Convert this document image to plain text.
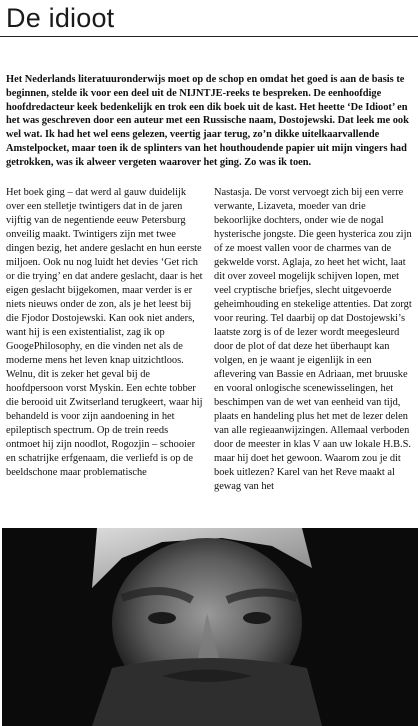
De idioot
Het Nederlands literatuuronderwijs moet op de schop en omdat het goed is aan de basis te beginnen, stelde ik voor een deel uit de NIJNTJE-reeks te bespreken. De eenhoofdige hoofdredacteur keek bedenkelijk en trok een dik boek uit de kast. Het heette ‘De Idioot’ en het was geschreven door een auteur met een Russische naam, Dostojewski. Dat leek me ook wel wat. Ik had het wel eens gelezen, veertig jaar terug, zo’n dikke uitelkaarvallende Amstelpocket, maar toen ik de splinters van het houthoudende papier uit mijn vingers had getrokken, was ik alweer vergeten waarover het ging. Zo was ik toen.

Het boek ging – dat werd al gauw duidelijk over een stelletje twintigers dat in de jaren vijftig van de negentiende eeuw Petersburg onveilig maakt. Twintigers zijn met twee dingen bezig, het andere geslacht en hun eerste miljoen. Ook nu nog luidt het devies ‘Get rich or die trying’ en dat andere geslacht, daar is het eigen geslacht bijgekomen, maar verder is er niets nieuws onder de zon, als je het leest bij die Fjodor Dostojewski. Kan ook niet anders, want hij is een existentialist, zag ik op GoogePhilosophy, en die vinden net als de moderne mens het leven knap uitzichtloos. Welnu, dit is zeker het geval bij de hoofdpersoon vorst Myskin. Een echte tobber die berooid uit Zwitserland terugkeert, waar hij behandeld is voor zijn aandoening in het epileptisch spectrum. Op de trein reeds ontmoet hij zijn noodlot, Rogozjin – schooier en schatrijke erfgenaam, die verliefd is op de beeldschone maar problematische

Nastasja. De vorst vervoegt zich bij een verre verwante, Lizaveta, moeder van drie bekoorlijke dochters, onder wie de nogal hysterische jongste. Die geen hysterica zou zijn of ze moest vallen voor de charmes van de gekwelde vorst. Aglaja, zo heet het wicht, laat dit over zoveel mogelijk schijven lopen, met veel cryptische briefjes, slecht uitgevoerde geheimhouding en stekelige attenties. Dat zorgt voor reuring. Tel daarbij op dat Dostojewski’s laatste zorg is of de lezer wordt meegesleurd door de plot of dat deze het überhaupt kan volgen, en je waant je eigenlijk in een aflevering van Bassie en Adriaan, met bruuske en vooral onlogische scenewisselingen, het beschimpen van de wet van eenheid van tijd, plaats en handeling plus het met de lezer delen van alle regieaanwijzingen. Allemaal verboden door de meester in klas V aan uw lokale H.B.S. maar hij doet het gewoon. Waarom zou je dit boek uitlezen? Karel van het Reve maakt al gewag van het
